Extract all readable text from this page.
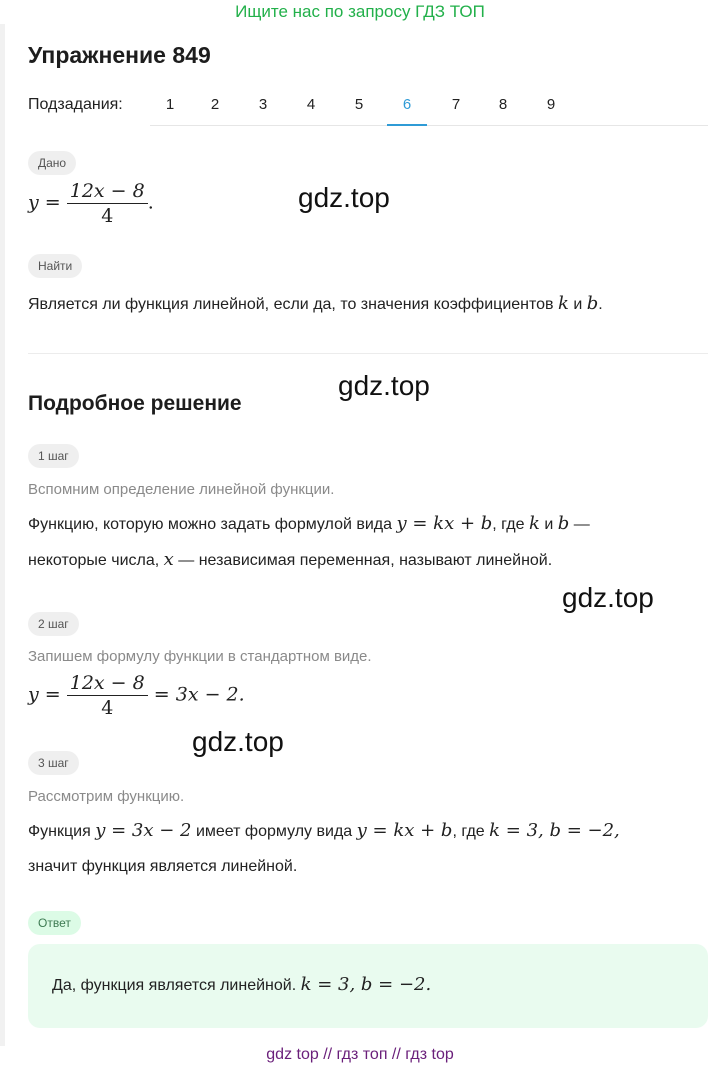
Ищите нас по запросу ГДЗ ТОП
Упражнение 849
Подзадания:	1	2	3	4	5	6	7	8	9
Дано
$y = \frac{12x - 8}{4}$ .	gdz.top
Найти
Является ли функция линейной, если да, то значения коэффициентов k и b.
gdz.top
Подробное решение
1 шаг
Вспомним определение линейной функции.
Функцию, которую можно задать формулой вида y = kx + b, где k и b —
некоторые числа, x — независимая переменная, называют линейной.
gdz.top
2 шаг
Запишем формулу функции в стандартном виде.
$y = \frac{12x - 8}{4} = 3x - 2$.
gdz.top
3 шаг
Рассмотрим функцию.
Функция y = 3x − 2 имеет формулу вида y = kx + b, где k = 3, b = −2,
значит функция является линейной.
Ответ
Да, функция является линейной. k = 3, b = −2.
gdz top // гдз топ // гдз top
